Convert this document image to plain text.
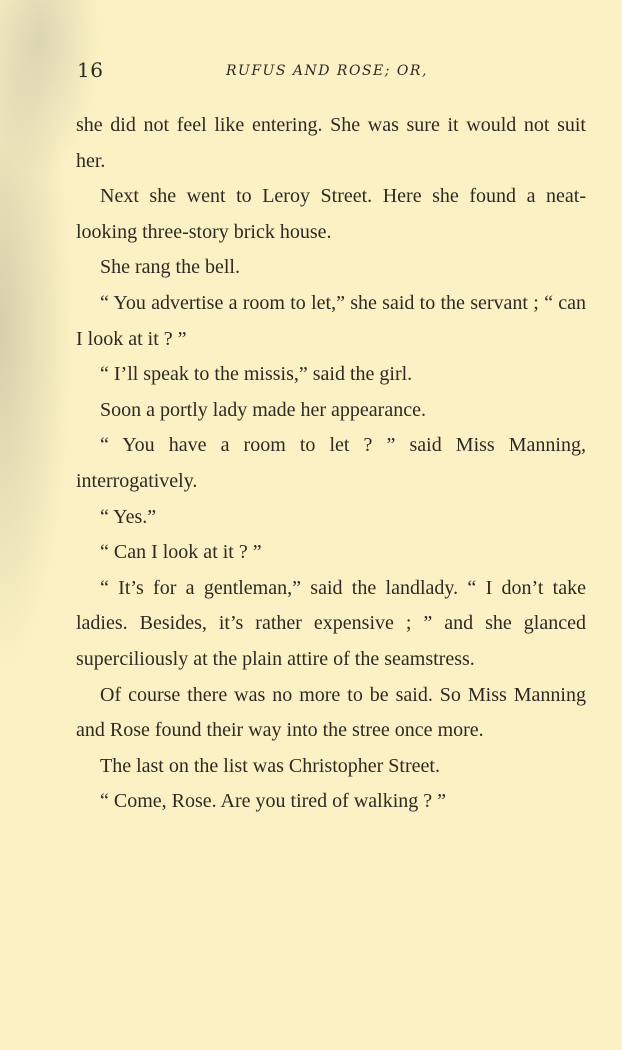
16	RUFUS AND ROSE; OR,

she did not feel like entering. She was sure it would not suit her.

Next she went to Leroy Street. Here she found a neat-looking three-story brick house.

She rang the bell.

“ You advertise a room to let,” she said to the servant ; “ can I look at it ? ”

“ I’ll speak to the missis,” said the girl.

Soon a portly lady made her appearance.

“ You have a room to let ? ” said Miss Manning, interrogatively.

“ Yes.”

“ Can I look at it ? ”

“ It’s for a gentleman,” said the landlady. “ I don’t take ladies. Besides, it’s rather expensive ; ” and she glanced superciliously at the plain attire of the seamstress.

Of course there was no more to be said. So Miss Manning and Rose found their way into the stree once more.

The last on the list was Christopher Street.

“ Come, Rose. Are you tired of walking ? ”
